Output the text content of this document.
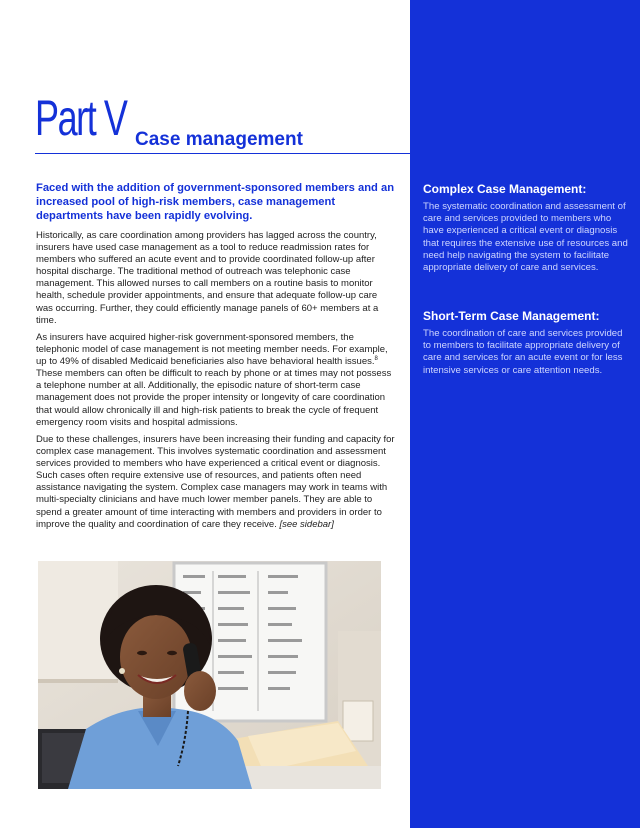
Complex Case Management:
The systematic coordination and assessment of care and services provided to members who have experienced a critical event or diagnosis that requires the extensive use of resources and need help navigating the system to facilitate appropriate delivery of care and services.
Short-Term Case Management:
The coordination of care and services provided to members to facilitate appropriate delivery of care and services for an acute event or for less intensive services or care attention needs.
Part V Case management
Faced with the addition of government-sponsored members and an increased pool of high-risk members, case management departments have been rapidly evolving.
Historically, as care coordination among providers has lagged across the country, insurers have used case management as a tool to reduce readmission rates for members who suffered an acute event and to provide coordinated follow-up after hospital discharge. The traditional method of outreach was telephonic case management. This allowed nurses to call members on a routine basis to monitor health, schedule provider appointments, and ensure that adequate follow-up care was occurring. Further, they could efficiently manage panels of 60+ members at a time.
As insurers have acquired higher-risk government-sponsored members, the telephonic model of case management is not meeting member needs. For example, up to 49% of disabled Medicaid beneficiaries also have behavioral health issues.$^8$ These members can often be difficult to reach by phone or at times may not possess a telephone number at all. Additionally, the episodic nature of short-term case management does not provide the proper intensity or longevity of care coordination that would allow chronically ill and high-risk patients to break the cycle of frequent emergency room visits and hospital admissions.
Due to these challenges, insurers have been increasing their funding and capacity for complex case management. This involves systematic coordination and assessment services provided to members who have experienced a critical event or diagnosis. Such cases often require extensive use of resources, and patients often need assistance navigating the system. Complex case managers may work in teams with multi-specialty clinicians and have much lower member panels. They are able to spend a greater amount of time interacting with members and providers in order to improve the quality and coordination of care they receive. [see sidebar]
